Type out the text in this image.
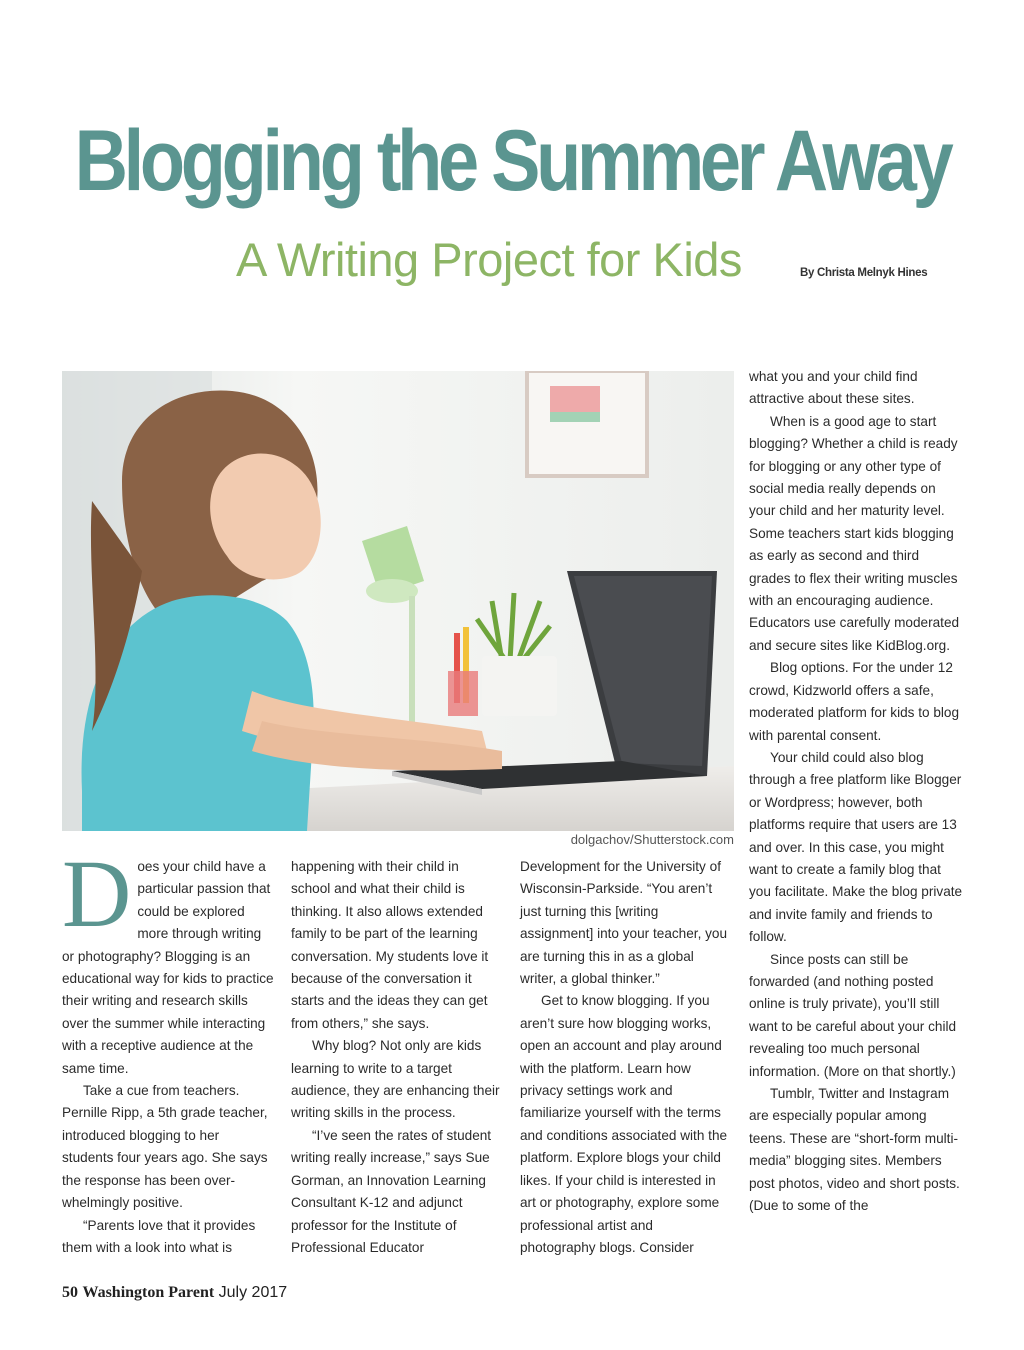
Blogging the Summer Away
A Writing Project for Kids	By Christa Melnyk Hines
dolgachov/Shutterstock.com

Does your child have a particular passion that could be explored more through writing or photography? Blogging is an educational way for kids to practice their writing and research skills over the summer while interacting with a receptive audience at the same time.

Take a cue from teachers. Pernille Ripp, a 5th grade teacher, introduced blogging to her students four years ago. She says the response has been over-whelmingly positive.

“Parents love that it provides them with a look into what is

happening with their child in school and what their child is thinking. It also allows extended family to be part of the learning conversation. My students love it because of the conversation it starts and the ideas they can get from others,” she says.

Why blog? Not only are kids learning to write to a target audience, they are enhancing their writing skills in the process.

“I’ve seen the rates of student writing really increase,” says Sue Gorman, an Innovation Learning Consultant K-12 and adjunct professor for the Institute of Professional Educator

Development for the University of Wisconsin-Parkside. “You aren’t just turning this [writing assignment] into your teacher, you are turning this in as a global writer, a global thinker.”

Get to know blogging. If you aren’t sure how blogging works, open an account and play around with the platform. Learn how privacy settings work and familiarize yourself with the terms and conditions associated with the platform. Explore blogs your child likes. If your child is interested in art or photography, explore some professional artist and photography blogs. Consider

what you and your child find attractive about these sites.

When is a good age to start blogging? Whether a child is ready for blogging or any other type of social media really depends on your child and her maturity level. Some teachers start kids blogging as early as second and third grades to flex their writing muscles with an encouraging audience. Educators use carefully moderated and secure sites like KidBlog.org.

Blog options. For the under 12 crowd, Kidzworld offers a safe, moderated platform for kids to blog with parental consent.

Your child could also blog through a free platform like Blogger or Wordpress; however, both platforms require that users are 13 and over. In this case, you might want to create a family blog that you facilitate. Make the blog private and invite family and friends to follow.

Since posts can still be forwarded (and nothing posted online is truly private), you’ll still want to be careful about your child revealing too much personal information. (More on that shortly.)

Tumblr, Twitter and Instagram are especially popular among teens. These are “short-form multi-media” blogging sites. Members post photos, video and short posts. (Due to some of the

50 Washington Parent July 2017
